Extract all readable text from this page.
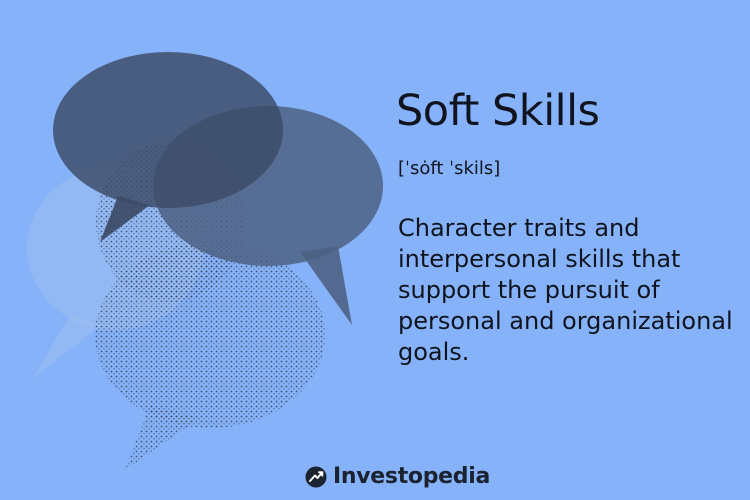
Soft Skills
[ˈsȯft ˈskils]
Character traits and interpersonal skills that support the pursuit of personal and organizational goals.
Investopedia
